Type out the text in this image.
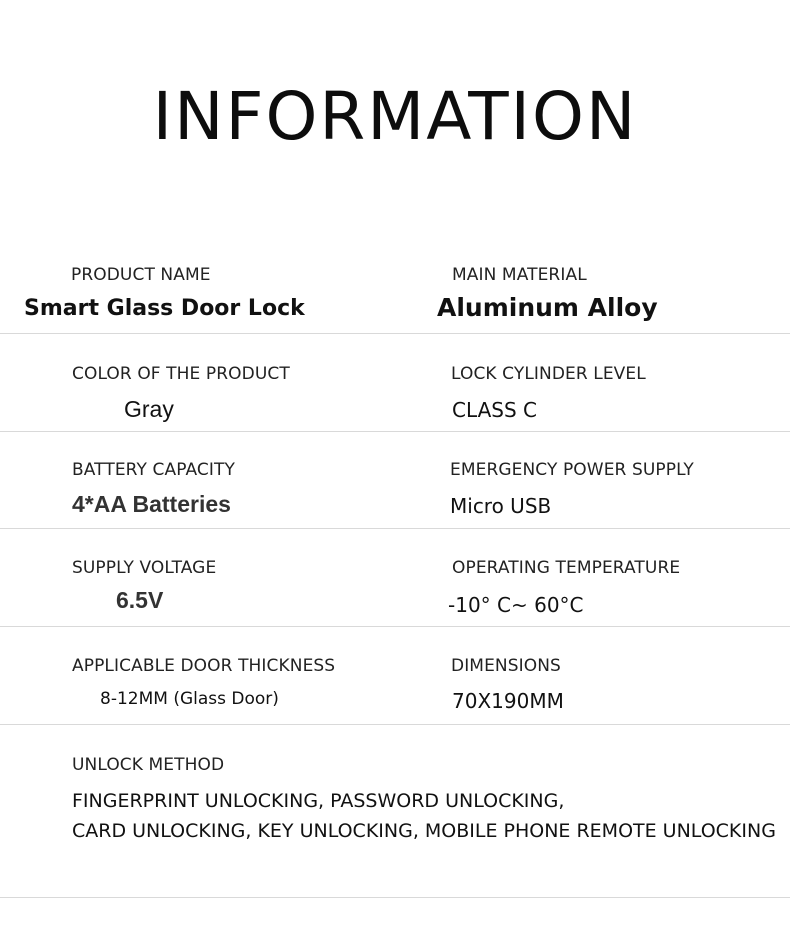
INFORMATION
PRODUCT NAME
Smart Glass Door Lock
MAIN MATERIAL
Aluminum Alloy
COLOR OF THE PRODUCT
Gray
LOCK CYLINDER LEVEL
CLASS C
BATTERY CAPACITY
4*AA Batteries
EMERGENCY POWER SUPPLY
Micro USB
SUPPLY VOLTAGE
6.5V
OPERATING TEMPERATURE
-10° C~ 60°C
APPLICABLE DOOR THICKNESS
8-12MM (Glass Door)
DIMENSIONS
70X190MM
UNLOCK METHOD
FINGERPRINT UNLOCKING, PASSWORD UNLOCKING,
CARD UNLOCKING, KEY UNLOCKING, MOBILE PHONE REMOTE UNLOCKING
